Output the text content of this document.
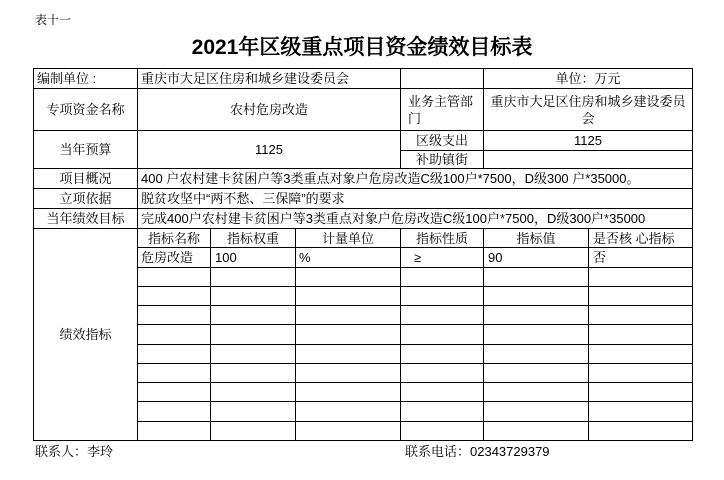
表十一
2021年区级重点项目资金绩效目标表
编制单位 :	重庆市大足区住房和城乡建设委员会				单位：万元	
专项资金名称	农村危房改造			业务主管部门	重庆市大足区住房和城乡建设委员会	
当年预算	1125			区级支出	1125	
				补助镇街		
项目概况	400 户农村建卡贫困户等3类重点对象户危房改造C级100户*7500，D级300 户*35000。					
立项依据	脱贫攻坚中“两不愁、三保障”的要求					
当年绩效目标	完成400户农村建卡贫困户等3类重点对象户危房改造C级100户*7500，D级300户*35000					
绩效指标	指标名称	指标权重	计量单位	指标性质	指标值	是否核 心指标
	危房改造	100	%	≥	90	否

联系人：李玲	联系电话：02343729379
